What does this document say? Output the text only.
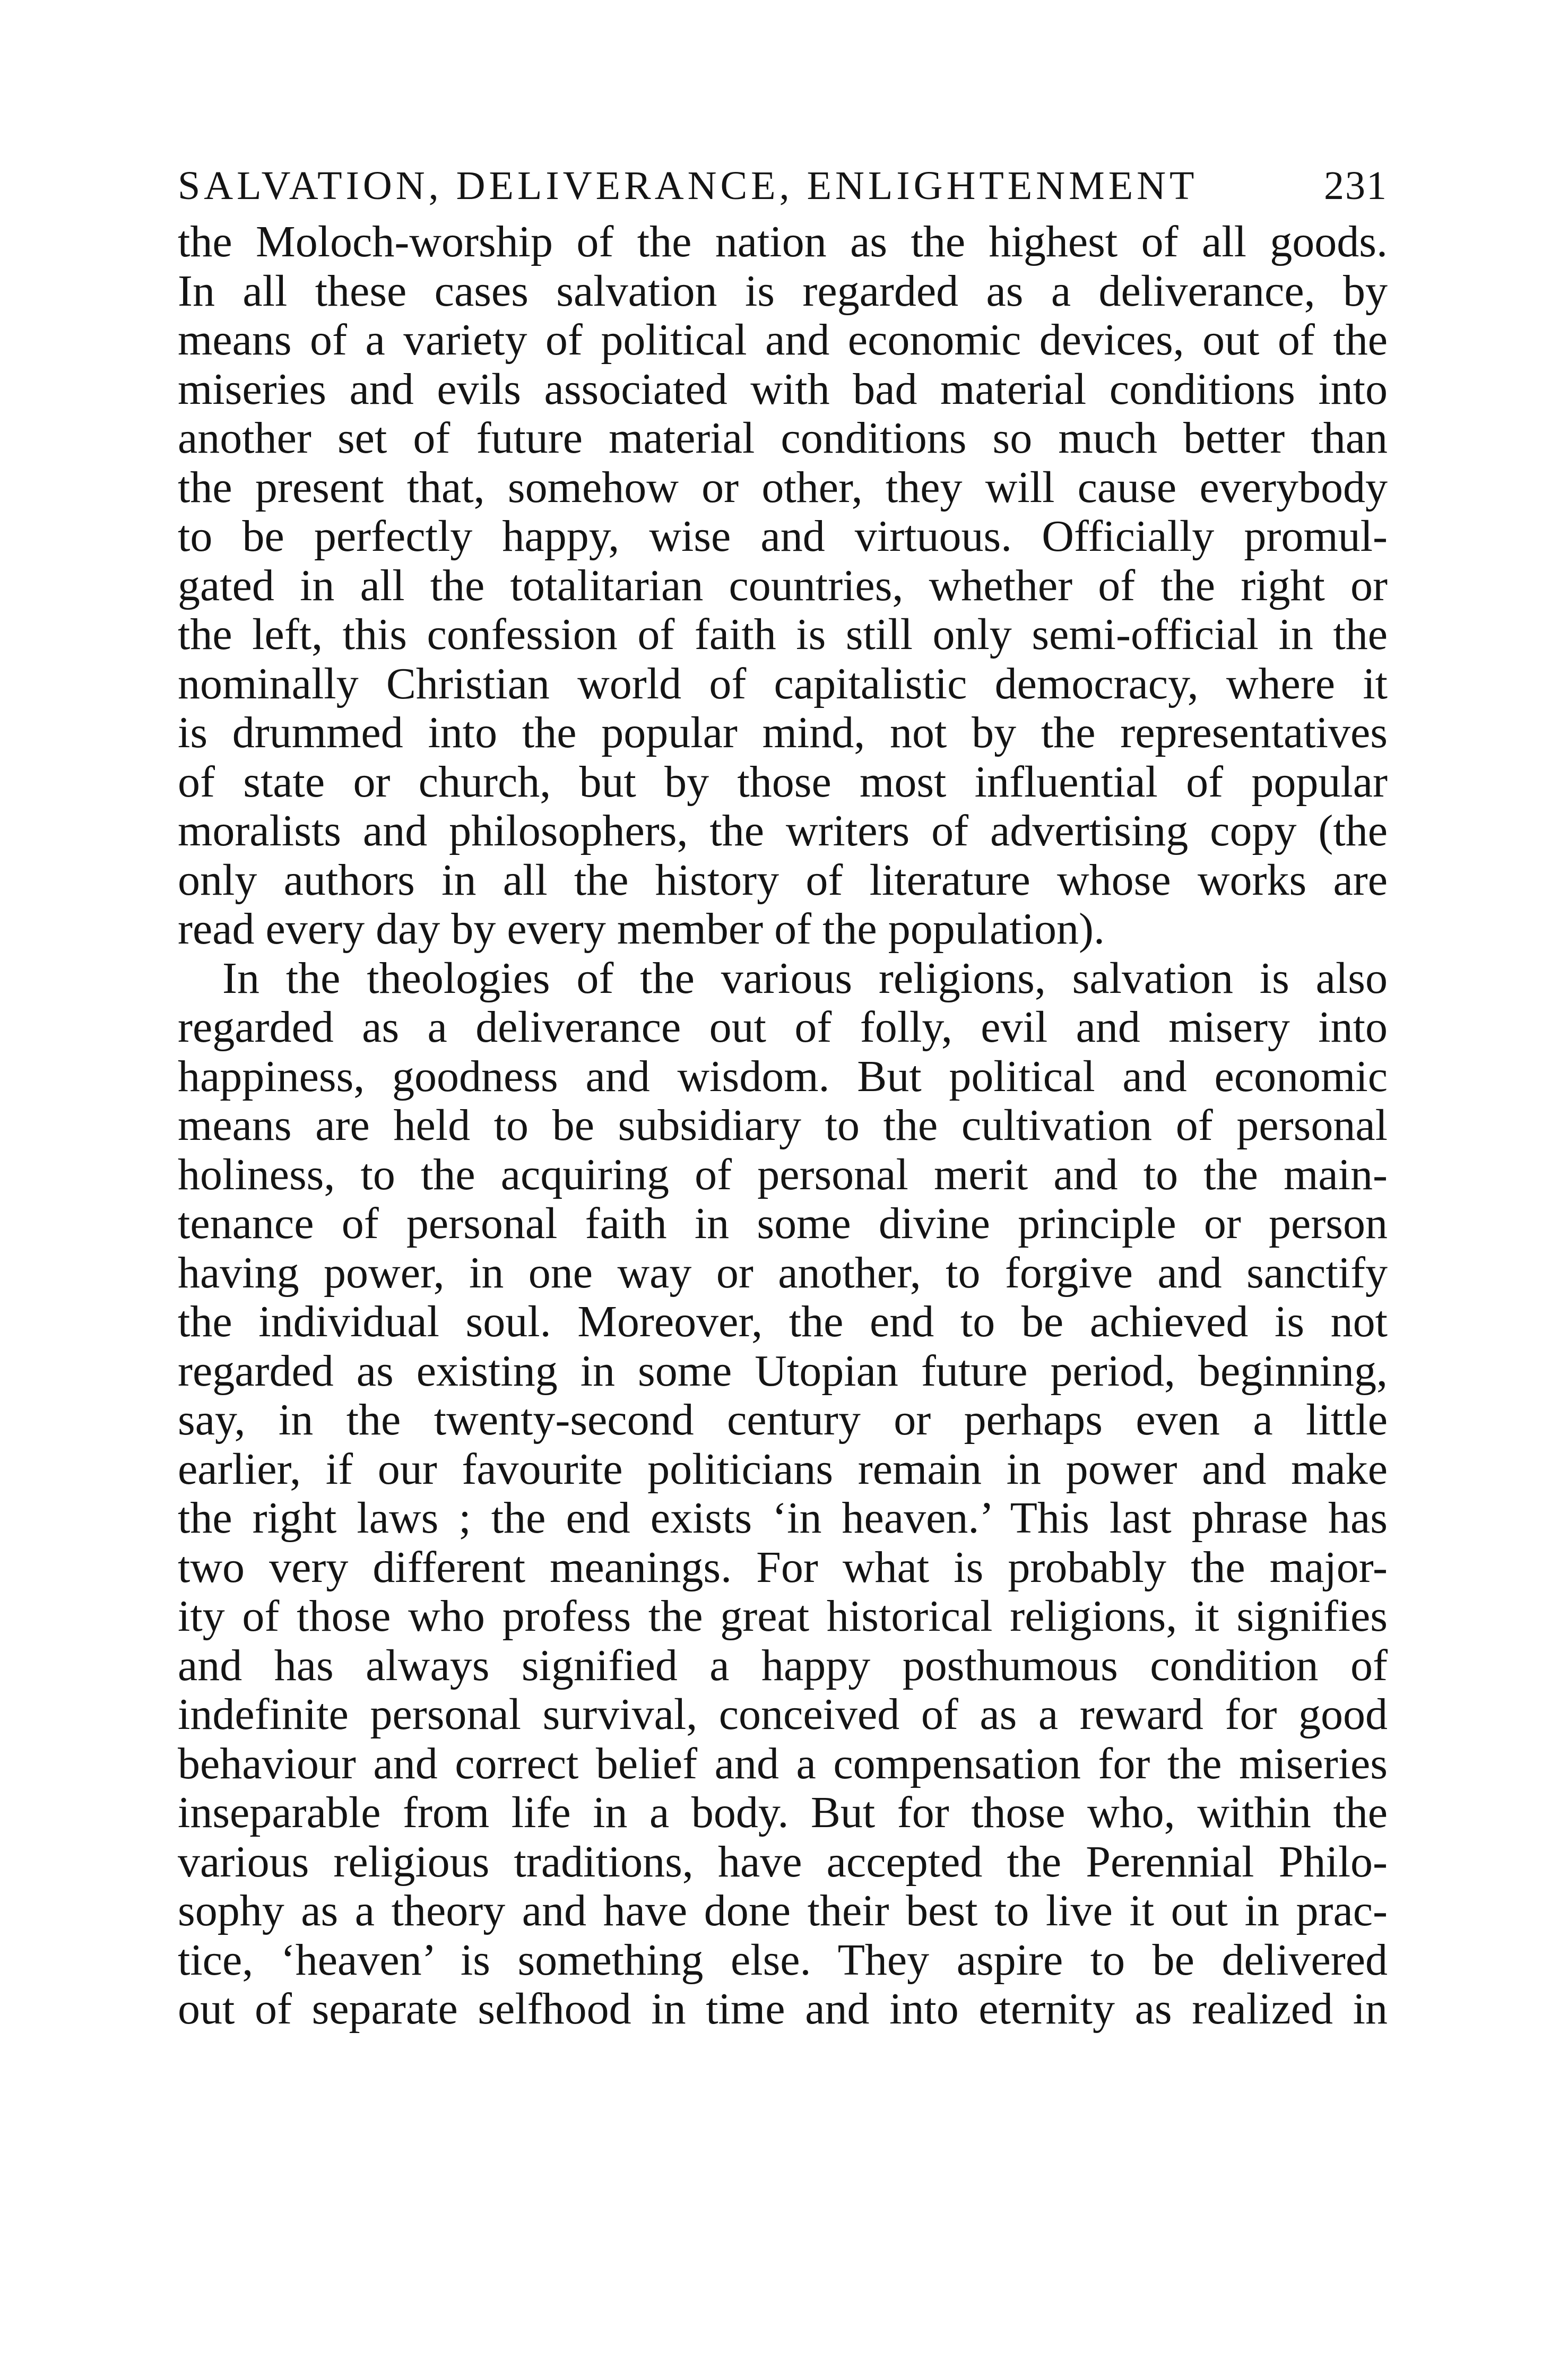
SALVATION, DELIVERANCE, ENLIGHTENMENT	231
the Moloch-worship of the nation as the highest of all goods.
In all these cases salvation is regarded as a deliverance, by
means of a variety of political and economic devices, out of the
miseries and evils associated with bad material conditions into
another set of future material conditions so much better than
the present that, somehow or other, they will cause everybody
to be perfectly happy, wise and virtuous. Officially promul-
gated in all the totalitarian countries, whether of the right or
the left, this confession of faith is still only semi-official in the
nominally Christian world of capitalistic democracy, where it
is drummed into the popular mind, not by the representatives
of state or church, but by those most influential of popular
moralists and philosophers, the writers of advertising copy (the
only authors in all the history of literature whose works are
read every day by every member of the population).
In the theologies of the various religions, salvation is also
regarded as a deliverance out of folly, evil and misery into
happiness, goodness and wisdom. But political and economic
means are held to be subsidiary to the cultivation of personal
holiness, to the acquiring of personal merit and to the main-
tenance of personal faith in some divine principle or person
having power, in one way or another, to forgive and sanctify
the individual soul. Moreover, the end to be achieved is not
regarded as existing in some Utopian future period, beginning,
say, in the twenty-second century or perhaps even a little
earlier, if our favourite politicians remain in power and make
the right laws ; the end exists ‘in heaven.’ This last phrase has
two very different meanings. For what is probably the major-
ity of those who profess the great historical religions, it signifies
and has always signified a happy posthumous condition of
indefinite personal survival, conceived of as a reward for good
behaviour and correct belief and a compensation for the miseries
inseparable from life in a body. But for those who, within the
various religious traditions, have accepted the Perennial Philo-
sophy as a theory and have done their best to live it out in prac-
tice, ‘heaven’ is something else. They aspire to be delivered
out of separate selfhood in time and into eternity as realized in
